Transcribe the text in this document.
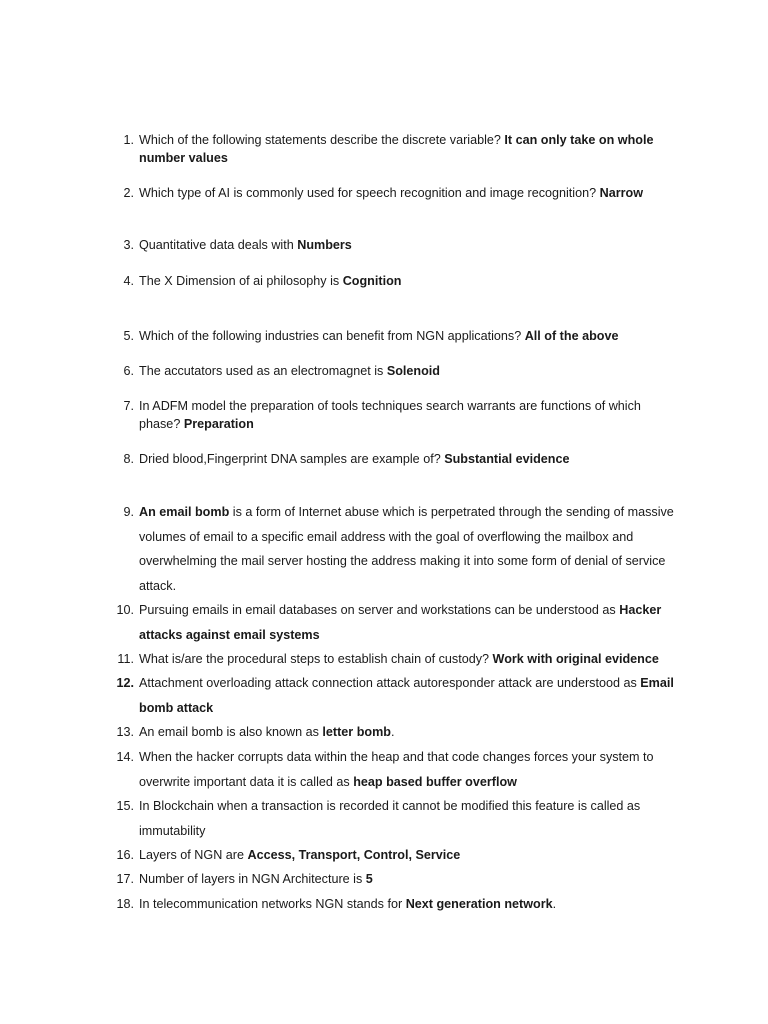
1. Which of the following statements describe the discrete variable? It can only take on whole number values
2. Which type of AI is commonly used for speech recognition and image recognition? Narrow
3. Quantitative data deals with Numbers
4. The X Dimension of ai philosophy is Cognition
5. Which of the following industries can benefit from NGN applications? All of the above
6. The accutators used as an electromagnet is Solenoid
7. In ADFM model the preparation of tools techniques search warrants are functions of which phase? Preparation
8. Dried blood,Fingerprint DNA samples are example of? Substantial evidence
9. An email bomb is a form of Internet abuse which is perpetrated through the sending of massive volumes of email to a specific email address with the goal of overflowing the mailbox and overwhelming the mail server hosting the address making it into some form of denial of service attack.
10. Pursuing emails in email databases on server and workstations can be understood as Hacker attacks against email systems
11. What is/are the procedural steps to establish chain of custody? Work with original evidence
12. Attachment overloading attack connection attack autoresponder attack are understood as Email bomb attack
13. An email bomb is also known as letter bomb.
14. When the hacker corrupts data within the heap and that code changes forces your system to overwrite important data it is called as heap based buffer overflow
15. In Blockchain when a transaction is recorded it cannot be modified this feature is called as immutability
16. Layers of NGN are Access, Transport, Control, Service
17. Number of layers in NGN Architecture is 5
18. In telecommunication networks NGN stands for Next generation network.
